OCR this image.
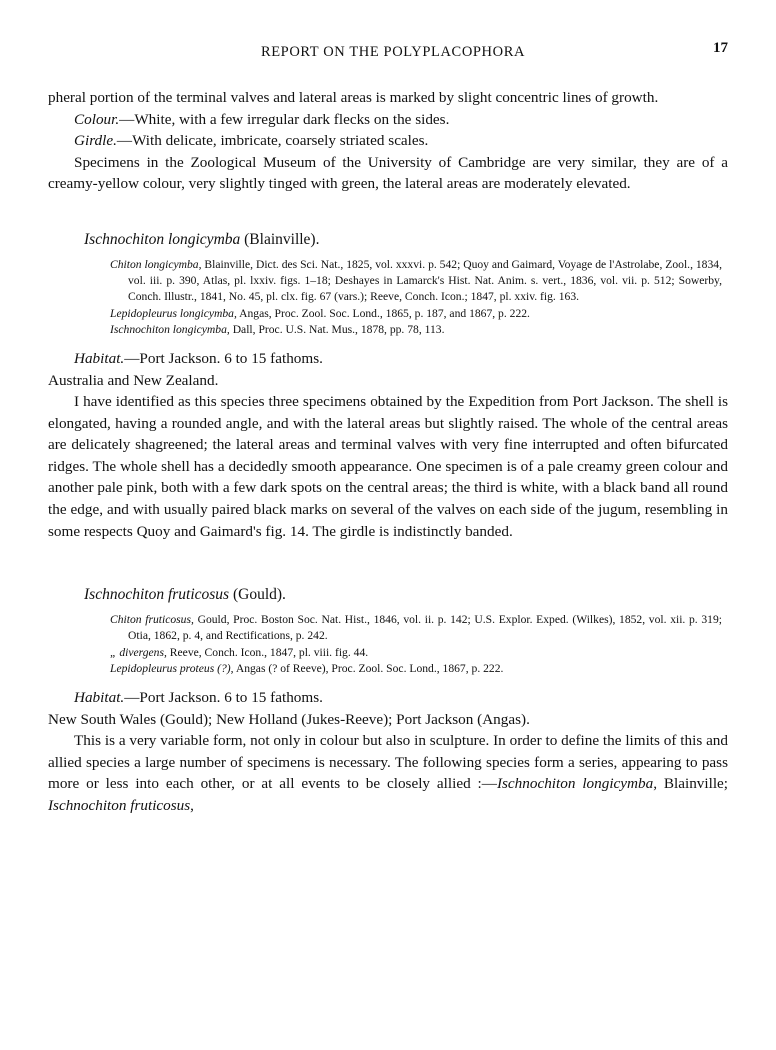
REPORT ON THE POLYPLACOPHORA	17

pheral portion of the terminal valves and lateral areas is marked by slight concentric lines of growth.

Colour.—White, with a few irregular dark flecks on the sides.

Girdle.—With delicate, imbricate, coarsely striated scales.

Specimens in the Zoological Museum of the University of Cambridge are very similar, they are of a creamy-yellow colour, very slightly tinged with green, the lateral areas are moderately elevated.

Ischnochiton longicymba (Blainville).

Chiton longicymba, Blainville, Dict. des Sci. Nat., 1825, vol. xxxvi. p. 542; Quoy and Gaimard, Voyage de l'Astrolabe, Zool., 1834, vol. iii. p. 390, Atlas, pl. lxxiv. figs. 1–18; Deshayes in Lamarck's Hist. Nat. Anim. s. vert., 1836, vol. vii. p. 512; Sowerby, Conch. Illustr., 1841, No. 45, pl. clx. fig. 67 (vars.); Reeve, Conch. Icon.; 1847, pl. xxiv. fig. 163.

Lepidopleurus longicymba, Angas, Proc. Zool. Soc. Lond., 1865, p. 187, and 1867, p. 222.

Ischnochiton longicymba, Dall, Proc. U.S. Nat. Mus., 1878, pp. 78, 113.

Habitat.—Port Jackson. 6 to 15 fathoms.

Australia and New Zealand.

I have identified as this species three specimens obtained by the Expedition from Port Jackson. The shell is elongated, having a rounded angle, and with the lateral areas but slightly raised. The whole of the central areas are delicately shagreened; the lateral areas and terminal valves with very fine interrupted and often bifurcated ridges. The whole shell has a decidedly smooth appearance. One specimen is of a pale creamy green colour and another pale pink, both with a few dark spots on the central areas; the third is white, with a black band all round the edge, and with usually paired black marks on several of the valves on each side of the jugum, resembling in some respects Quoy and Gaimard's fig. 14. The girdle is indistinctly banded.

Ischnochiton fruticosus (Gould).

Chiton fruticosus, Gould, Proc. Boston Soc. Nat. Hist., 1846, vol. ii. p. 142; U.S. Explor. Exped. (Wilkes), 1852, vol. xii. p. 319; Otia, 1862, p. 4, and Rectifications, p. 242.

„ divergens, Reeve, Conch. Icon., 1847, pl. viii. fig. 44.

Lepidopleurus proteus (?), Angas (? of Reeve), Proc. Zool. Soc. Lond., 1867, p. 222.

Habitat.—Port Jackson. 6 to 15 fathoms.

New South Wales (Gould); New Holland (Jukes-Reeve); Port Jackson (Angas).

This is a very variable form, not only in colour but also in sculpture. In order to define the limits of this and allied species a large number of specimens is necessary. The following species form a series, appearing to pass more or less into each other, or at all events to be closely allied :—Ischnochiton longicymba, Blainville; Ischnochiton fruticosus,
